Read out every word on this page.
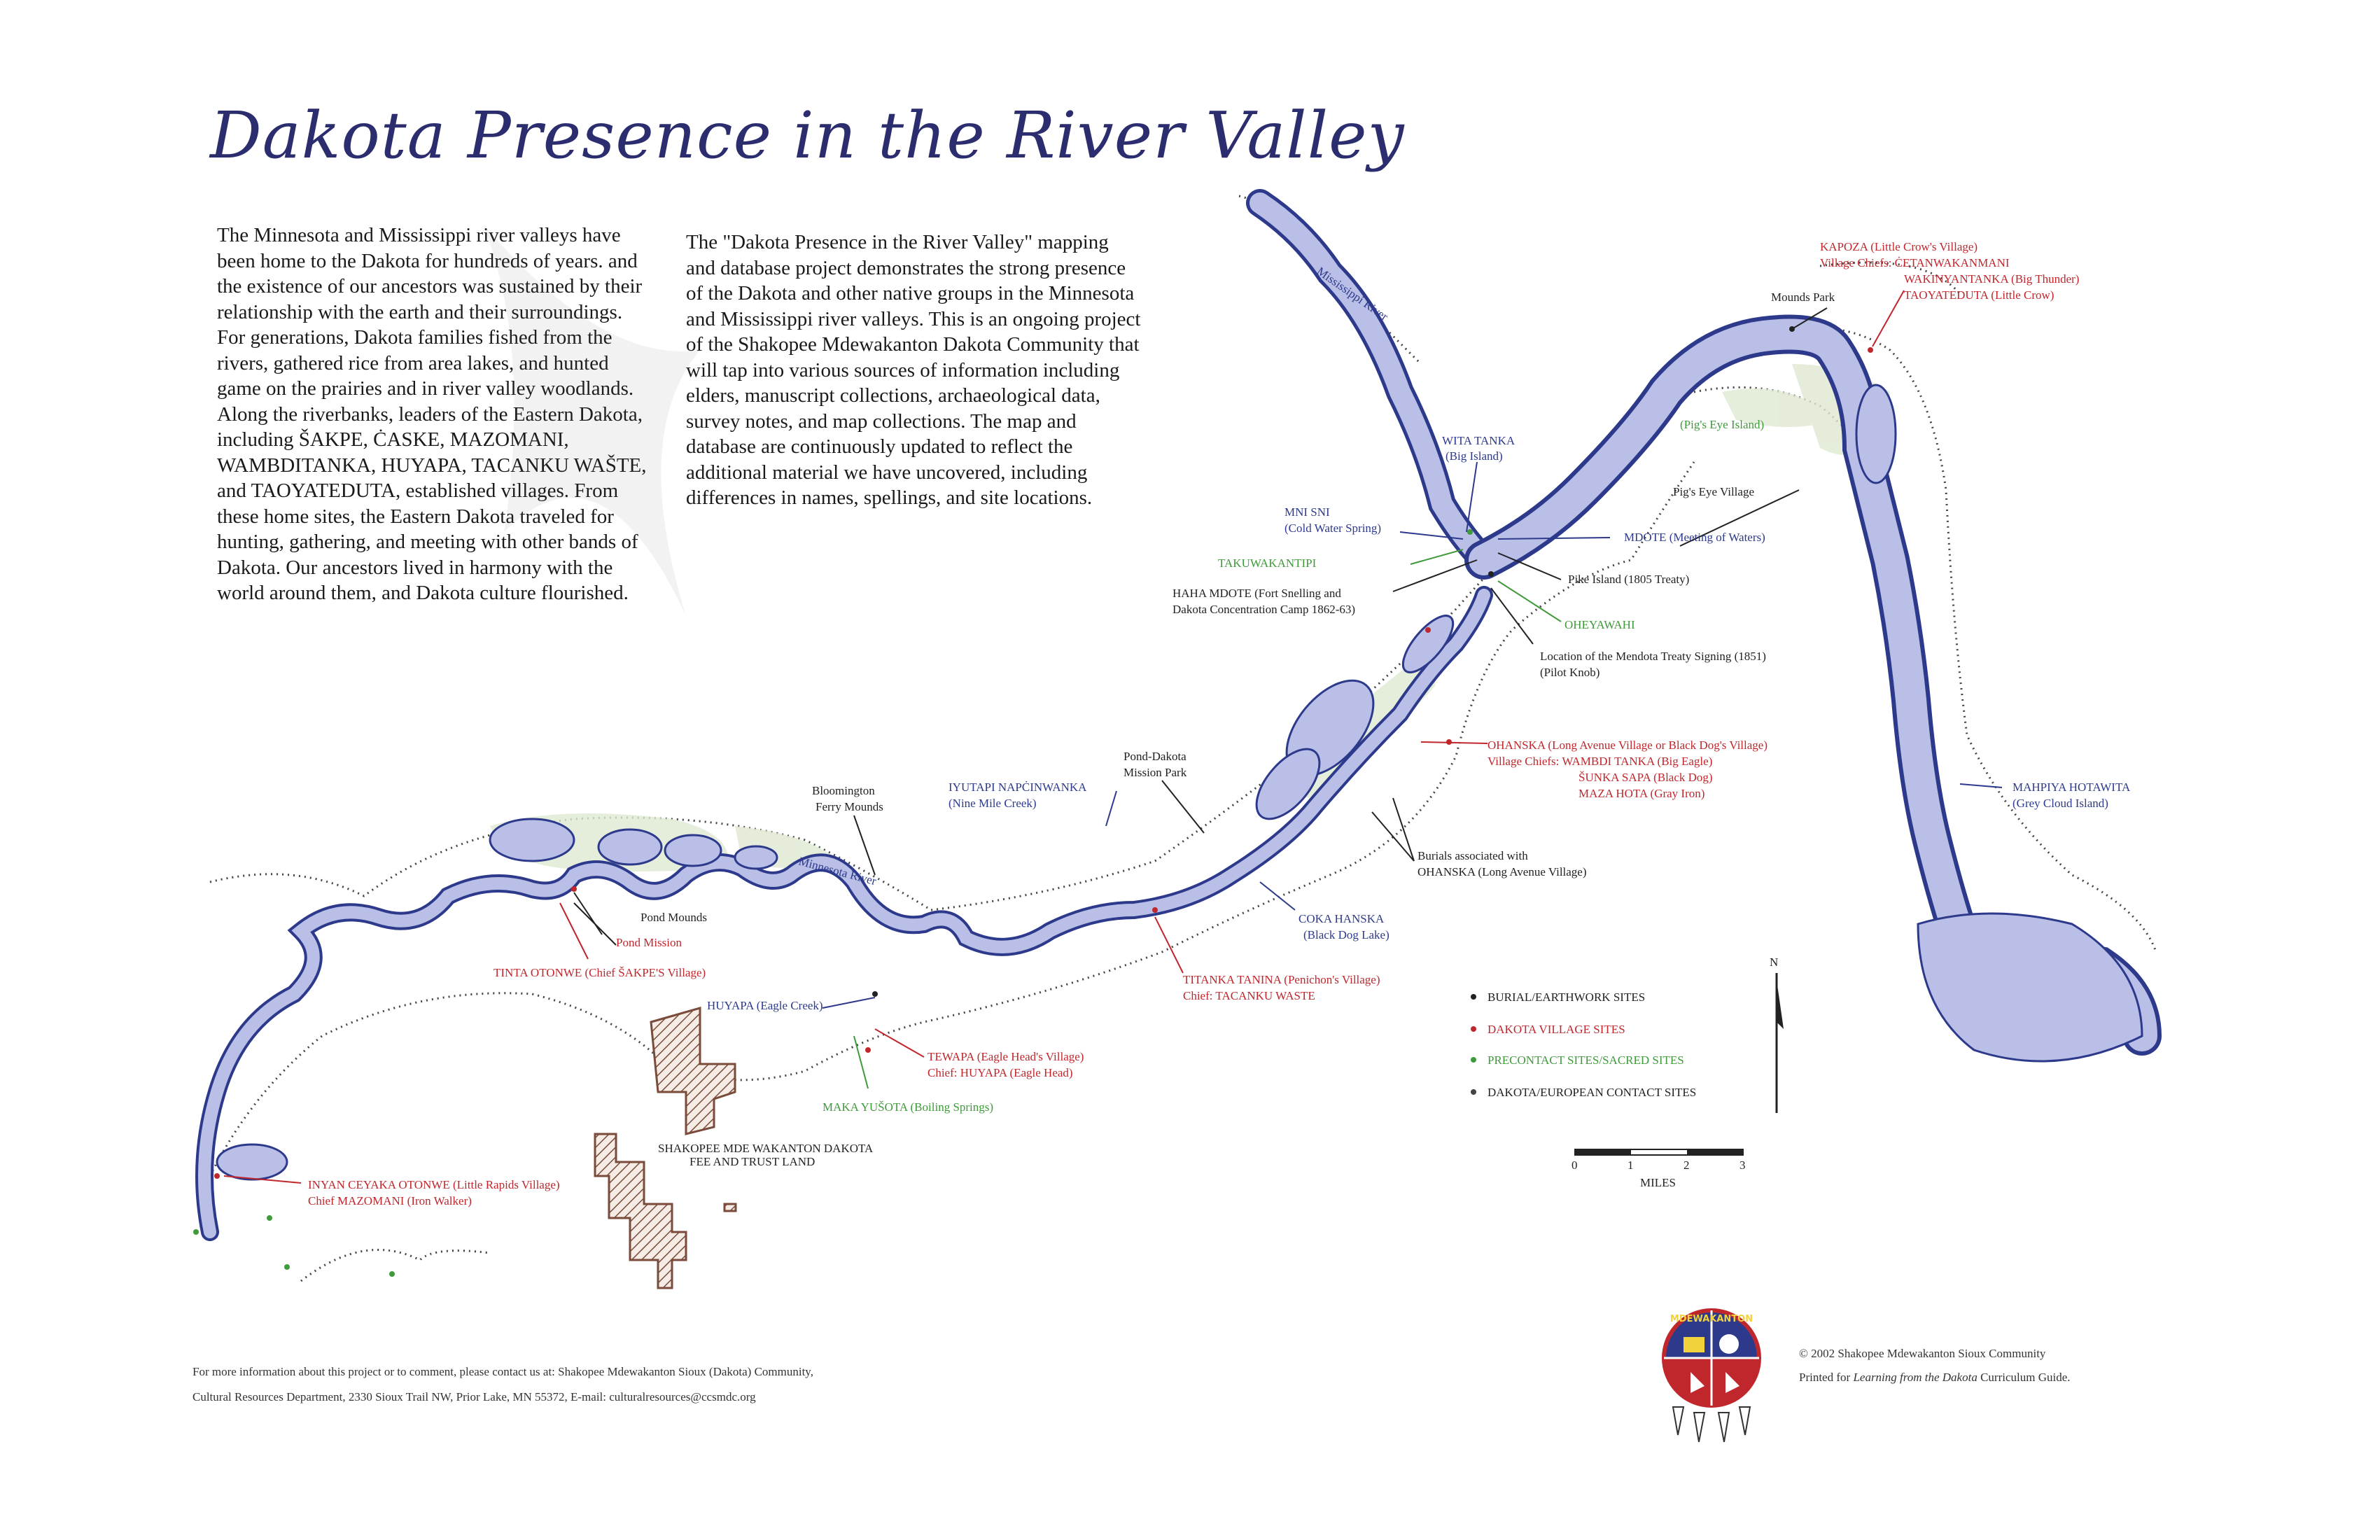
Dakota Presence in the River Valley
The Minnesota and Mississippi river valleys have been home to the Dakota for hundreds of years. and the existence of our ancestors was sustained by their relationship with the earth and their surroundings. For generations, Dakota families fished from the rivers, gathered rice from area lakes, and hunted game on the prairies and in river valley woodlands. Along the riverbanks, leaders of the Eastern Dakota, including ŠAKPE, ĊASKE, MAZOMANI, WAMBDITANKA, HUYAPA, TACANKU WAŠTE, and TAOYATEDUTA, established villages. From these home sites, the Eastern Dakota traveled for hunting, gathering, and meeting with other bands of Dakota. Our ancestors lived in harmony with the world around them, and Dakota culture flourished.
The "Dakota Presence in the River Valley" mapping and database project demonstrates the strong presence of the Dakota and other native groups in the Minnesota and Mississippi river valleys. This is an ongoing project of the Shakopee Mdewakanton Dakota Community that will tap into various sources of information including elders, manuscript collections, archaeological data, survey notes, and map collections. The map and database are continuously updated to reflect the additional material we have uncovered, including differences in names, spellings, and site locations.
Mississippi River
Minnesota River
KAPOZA (Little Crow's Village)
Village Chiefs: ĊETANWAKANMANI
WAKINYANTANKA (Big Thunder)
TAOYATEDUTA (Little Crow)
Mounds Park
(Pig's Eye Island)
WITA TANKA
(Big Island)
Pig's Eye Village
MNI SNI
(Cold Water Spring)
MDOTE (Meeting of Waters)
TAKUWAKANTIPI
Pike Island (1805 Treaty)
HAHA MDOTE (Fort Snelling and
Dakota Concentration Camp 1862-63)
OHEYAWAHI
Location of the Mendota Treaty Signing (1851)
(Pilot Knob)
OHANSKA (Long Avenue Village or Black Dog's Village)
Village Chiefs: WAMBDI TANKA (Big Eagle)
ŠUNKA SAPA (Black Dog)
MAZA HOTA (Gray Iron)	MAHPIYA HOTAWITA
(Grey Cloud Island)
Pond-Dakota
Mission Park
IYUTAPI NAPĊINWANKA
(Nine Mile Creek)
Bloomington
Ferry Mounds
Burials associated with
OHANSKA (Long Avenue Village)
COKA HANSKA
(Black Dog Lake)
Pond Mounds
Pond Mission
TINTA OTONWE (Chief ŠAKPE'S Village)
TITANKA TANINA (Penichon's Village)
Chief: TACANKU WASTE
HUYAPA (Eagle Creek)
TEWAPA (Eagle Head's Village)
Chief: HUYAPA (Eagle Head)
MAKA YUŠOTA (Boiling Springs)
SHAKOPEE MDE WAKANTON DAKOTA
FEE AND TRUST LAND
INYAN CEYAKA OTONWE (Little Rapids Village)
Chief MAZOMANI (Iron Walker)
N
BURIAL/EARTHWORK SITES
DAKOTA VILLAGE SITES
PRECONTACT SITES/SACRED SITES
DAKOTA/EUROPEAN CONTACT SITES
0	1	2	3
MILES
MDEWAKANTON
For more information about this project or to comment, please contact us at: Shakopee Mdewakanton Sioux (Dakota) Community,
Cultural Resources Department, 2330 Sioux Trail NW, Prior Lake, MN 55372, E-mail: culturalresources@ccsmdc.org
© 2002 Shakopee Mdewakanton Sioux Community
Printed for Learning from the Dakota Curriculum Guide.
